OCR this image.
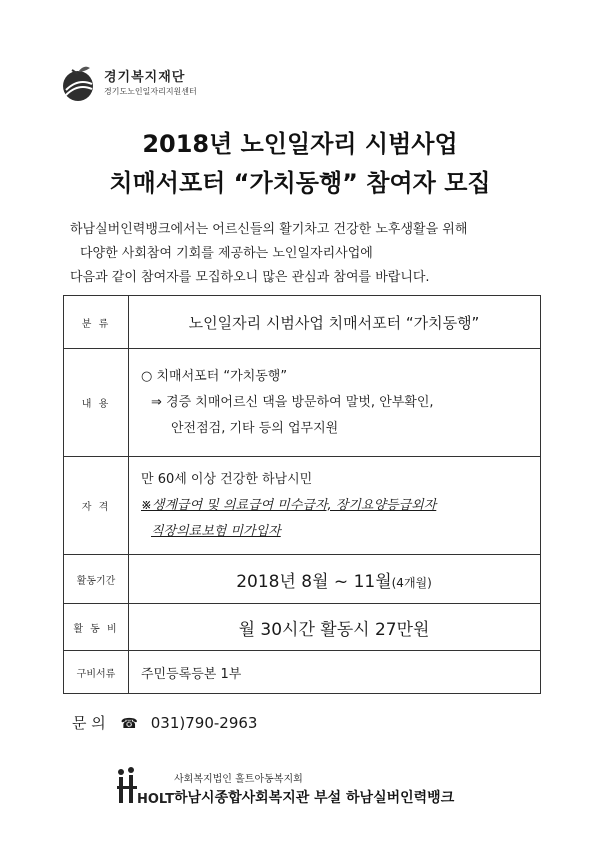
경기복지재단
경기도노인일자리지원센터
2018년 노인일자리 시범사업
치매서포터 “가치동행” 참여자 모집
하남실버인력뱅크에서는 어르신들의 활기차고 건강한 노후생활을 위해
다양한 사회참여 기회를 제공하는 노인일자리사업에
다음과 같이 참여자를 모집하오니 많은 관심과 참여를 바랍니다.
분 류	노인일자리 시범사업 치매서포터 “가치동행”
내 용	○ 치매서포터 “가치동행”
⇒ 경증 치매어르신 댁을 방문하여 말벗, 안부확인,
안전점검, 기타 등의 업무지원

자 격	만 60세 이상 건강한 하남시민
※생계급여 및 의료급여 미수급자, 장기요양등급외자
직장의료보험 미가입자
활동기간	2018년 8월 ~ 11월(4개월)
활 동 비	월 30시간 활동시 27만원
구비서류	주민등록등본 1부
문 의 ☎ 031)790-2963
HOLT
사회복지법인 홀트아동복지회
하남시종합사회복지관 부설 하남실버인력뱅크
